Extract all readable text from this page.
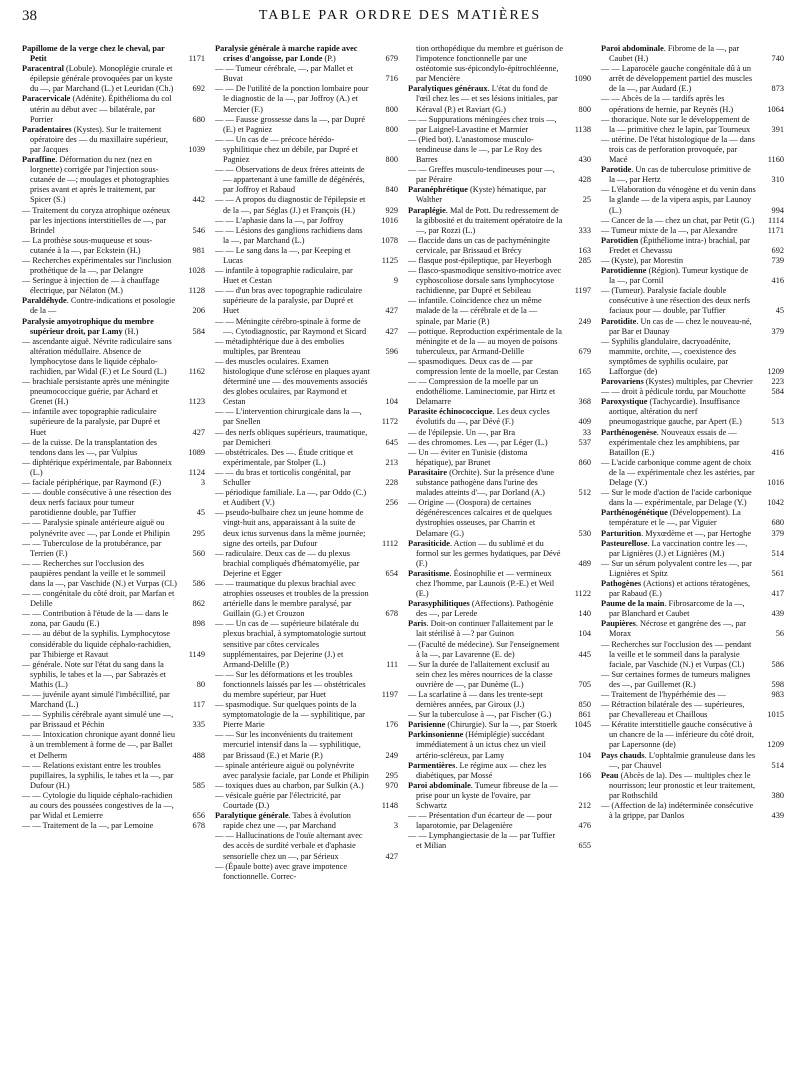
38	TABLE PAR ORDRE DES MATIÈRES
Papillome de la verge chez le cheval, par Petit	1171
Paracentral (Lobule). Monoplégie crurale et épilepsie générale provoquées par un kyste du —, par Marchand (L.) et Leuridan (Ch.)	692
Paracervicale (Adénite). Épithélioma du col utérin au début avec — bilatérale, par Porrier	680
Paradentaires (Kystes). Sur le traitement opératoire des — du maxillaire supérieur, par Jacques	1039
Paraffine. Déformation du nez (nez en lorgnette) corrigée par l'injection sous-cutanée de —; moulages et photographies prises avant et après le traitement, par Spicer (S.)	442
— Traitement du coryza atrophique ozéneux par les injections interstitielles de —, par Brindel	546
— La prothèse sous-muqueuse et sous-cutanée à la —, par Eckstein (H.)	981
— Recherches expérimentales sur l'inclusion prothétique de la —, par Delangre	1028
— Seringue à injection de — à chauffage électrique, par Nélaton (M.)	1128
Paraldéhyde. Contre-indications et posologie de la —	206
Paralysie amyotrophique du membre supérieur droit, par Lamy (H.)	584
— ascendante aiguë. Névrite radiculaire sans altération médullaire. Absence de lymphocytose dans le liquide céphalo-rachidien, par Widal (F.) et Le Sourd (L.)	1162
— brachiale persistante après une méningite pneumococcique guérie, par Achard et Grenet (H.)	1123
— infantile avec topographie radiculaire supérieure de la paralysie, par Dupré et Huet	427
— de la cuisse. De la transplantation des tendons dans les —, par Vulpius	1089
— diphtérique expérimentale, par Babonneix (L.)	1124
— faciale périphérique, par Raymond (F.)	3
— — double consécutive à une résection des deux nerfs faciaux pour tumeur parotidienne double, par Tuffier	45
— — Paralysie spinale antérieure aiguë ou polynévrite avec —, par Londe et Philipin	295
— — Tuberculose de la protubérance, par Terrien (F.)	560
— — Recherches sur l'occlusion des paupières pendant la veille et le sommeil dans la —, par Vaschide (N.) et Vurpas (Cl.)	586
— — congénitale du côté droit, par Marfan et Delille	862
— — Contribution à l'étude de la — dans le zona, par Gaudu (E.)	898
— — au début de la syphilis. Lymphocytose considérable du liquide céphalo-rachidien, par Thibierge et Ravaut	1149
— générale. Note sur l'état du sang dans la syphilis, le tabes et la —, par Sabrazès et Mathis (L.)	80
— — juvénile ayant simulé l'imbécillité, par Marchand (L.)	117
— — Syphilis cérébrale ayant simulé une —, par Brissaud et Péchin	335
— — Intoxication chronique ayant donné lieu à un tremblement à forme de —, par Ballet et Delherm	488
— — Relations existant entre les troubles pupillaires, la syphilis, le tabes et la —, par Dufour (H.)	585
— — Cytologie du liquide céphalo-rachidien au cours des poussées congestives de la —, par Widal et Lemierre	656
— — Traitement de la —, par Lemoine	678
Paralysie générale à marche rapide avec crises d'angoisse, par Londe (P.)	679
— — Tumeur cérébrale, —, par Mallet et Buvat	716
— — De l'utilité de la ponction lombaire pour le diagnostic de la —, par Joffroy (A.) et Mercier (F.)	800
— — Fausse grossesse dans la —, par Dupré (E.) et Pagniez	800
— — Un cas de — précoce hérédo-syphilitique chez un débile, par Dupré et Pagniez	800
— — Observations de deux frères atteints de — appartenant à une famille de dégénérés, par Joffroy et Rabaud	840
— — A propos du diagnostic de l'épilepsie et de la —, par Séglas (J.) et François (H.)	929
— — L'aphasie dans la —, par Joffroy	1016
— — Lésions des ganglions rachidiens dans la —, par Marchand (L.)	1078
— — Le sang dans la —, par Keeping et Lucas	1125
— infantile à topographie radiculaire, par Huet et Cestan	9
— — d'un bras avec topographie radiculaire supérieure de la paralysie, par Dupré et Huet	427
— — Méningite cérébro-spinale à forme de —. Cytodiagnostic, par Raymond et Sicard	427
— métadiphtérique due à des embolies multiples, par Brenteau	596
— des muscles oculaires. Examen histologique d'une sclérose en plaques ayant déterminé une — des mouvements associés des globes oculaires, par Raymond et Cestan	104
— — L'intervention chirurgicale dans la —, par Snellen	1172
— des nerfs obliques supérieurs, traumatique, par Demicheri	645
— obstétricales. Des —. Étude critique et expérimentale, par Stolper (L.)	213
— — du bras et torticolis congénital, par Schuller	228
— périodique familiale. La —, par Oddo (C.) et Audibert (V.)	256
— pseudo-bulbaire chez un jeune homme de vingt-huit ans, apparaissant à la suite de deux ictus survenus dans la même journée; signe des orteils, par Dufour	1112
— radiculaire. Deux cas de — du plexus brachial compliqués d'hématomyélie, par Dejerine et Egger	654
— — traumatique du plexus brachial avec atrophies osseuses et troubles de la pression artérielle dans le membre paralysé, par Guillain (G.) et Crouzon	678
— — Un cas de — supérieure bilatérale du plexus brachial, à symptomatologie surtout sensitive par côtes cervicales supplémentaires, par Dejerine (J.) et Armand-Delille (P.)	111
— — Sur les déformations et les troubles fonctionnels laissés par les — obstétricales du membre supérieur, par Huet	1197
— spasmodique. Sur quelques points de la symptomatologie de la — syphilitique, par Pierre Marie	176
— — Sur les inconvénients du traitement mercuriel intensif dans la — syphilitique, par Brissaud (E.) et Marie (P.)	249
— spinale antérieure aiguë ou polynévrite avec paralysie faciale, par Londe et Philipin	295
— toxiques dues au charbon, par Sulkin (A.)	970
— vésicale guérie par l'électricité, par Courtade (D.)	1148
Paralytique générale. Tabes à évolution rapide chez une —, par Marchand	3
— — Hallucinations de l'ouïe alternant avec des accès de surdité verbale et d'aphasie sensorielle chez un —, par Sérieux	427
— (Épaule botte) avec grave impotence fonctionnelle. Correc-
tion orthopédique du membre et guérison de l'impotence fonctionnelle par une ostéotomie sus-épicondylo-épitrochléenne, par Mencière	1090
Paralytiques généraux. L'état du fond de l'œil chez les — et ses lésions initiales, par Kéraval (P.) et Raviart (G.)	800
— — Suppurations méningées chez trois —, par Laignel-Lavastine et Marmier	1138
— (Pied bot). L'anastomose musculo-tendineuse dans le —, par Le Roy des Barres	430
— — Greffes musculo-tendineuses pour —, par Péraire	428
Paranéphrétique (Kyste) hématique, par Walther	25
Paraplégie. Mal de Pott. Du redressement de la gibbosité et du traitement opératoire de la —, par Rozzi (L.)	333
— flaccide dans un cas de pachyméningite cervicale, par Brissaud et Brécy	163
— flasque post-épileptique, par Heyerbogh	285
— flasco-spasmodique sensitivo-motrice avec cyphoscoliose dorsale sans lymphocytose rachidienne, par Dupré et Sebileau	1197
— infantile. Coïncidence chez un même malade de la — cérébrale et de la — spinale, par Marie (P.)	249
— pottique. Reproduction expérimentale de la méningite et de la — au moyen de poisons tuberculeux, par Armand-Delille	679
— spasmodiques. Deux cas de — par compression lente de la moelle, par Cestan	165
— — Compression de la moelle par un endothéliome. Laminectomie, par Hirtz et Delamarre	368
Parasite échinococcique. Les deux cycles évolutifs du —, par Dévé (F.)	409
— de l'épilepsie. Un —, par Bra	33
— des chromomes. Les —, par Léger (L.)	537
— Un — éviter en Tunisie (distoma hépatique), par Brunet	860
Parasitaire (Orchite). Sur la présence d'une substance pathogène dans l'urine des malades atteints d'—, par Dorland (A.)	512
— Origine — (Oospora) de certaines dégénérescences calcaires et de quelques dystrophies osseuses, par Charrin et Delamare (G.)	530
Parasiticide. Action — du sublimé et du formol sur les germes hydatiques, par Dévé (F.)	489
Parasitisme. Éosinophilie et — vermineux chez l'homme, par Launois (P.-E.) et Weil (E.)	1122
Parasyphilitiques (Affections). Pathogénie des —, par Lerede	140
Paris. Doit-on continuer l'allaitement par le lait stérilisé à —? par Guinon	104
— (Faculté de médecine). Sur l'enseignement à la —, par Lavarenne (E. de)	445
— Sur la durée de l'allaitement exclusif au sein chez les mères nourrices de la classe ouvrière de —, par Dunème (L.)	705
— La scarlatine à — dans les trente-sept dernières années, par Giroux (J.)	850
— Sur la tuberculose à —, par Fischer (G.)	861
Parisienne (Chirurgie). Sur la —, par Stoerk	1045
Parkinsonienne (Hémiplégie) succédant immédiatement à un ictus chez un vieil artério-scléreux, par Lamy	104
Parmentières. Le régime aux — chez les diabétiques, par Mossé	166
Paroi abdominale. Tumeur fibreuse de la — prise pour un kyste de l'ovaire, par Schwartz	212
— — Présentation d'un écarteur de — pour laparotomie, par Delagenière	476
— — Lymphangiectasie de la — par Tuffier et Milian	655
Paroi abdominale. Fibrome de la —, par Caubet (H.)	740
— — Laparocèle gauche congénitale dû à un arrêt de développement partiel des muscles de la —, par Audard (E.)	873
— — Abcès de la — tardifs après les opérations de hernie, par Reynès (H.)	1064
— thoracique. Note sur le développement de la — primitive chez le lapin, par Tourneux	391
— utérine. De l'état histologique de la — dans trois cas de perforation provoquée, par Macé	1160
Parotide. Un cas de tuberculose primitive de la —, par Hertz	310
— L'élaboration du vénogène et du venin dans la glande — de la vipera aspis, par Launoy (L.)	994
— Cancer de la — chez un chat, par Petit (G.)	1114
— Tumeur mixte de la —, par Alexandre	1171
Parotidien (Épithéliome intra-) brachial, par Fredet et Chevassu	692
— (Kyste), par Morestin	739
Parotidienne (Région). Tumeur kystique de la —, par Cornil	416
— (Tumeur). Paralysie faciale double consécutive à une résection des deux nerfs faciaux pour — double, par Tuffier	45
Parotidite. Un cas de — chez le nouveau-né, par Bar et Daunay	379
— Syphilis glandulaire, dacryoadénite, mammite, orchite, —, coexistence des symptômes de syphilis oculaire, par Lafforgue (de)	1209
Parovariens (Kystes) multiples, par Chevrier	223
— — droit à pédicule tordu, par Mouchotte	584
Paroxystique (Tachycardie). Insuffisance aortique, altération du nerf pneumogastrique gauche, par Apert (E.)	513
Parthénogenèse. Nouveaux essais de — expérimentale chez les amphibiens, par Bataillon (E.)	416
— L'acide carbonique comme agent de choix de la — expérimentale chez les astéries, par Delage (Y.)	1016
— Sur le mode d'action de l'acide carbonique dans la — expérimentale, par Delage (Y.)	1042
Parthénogénétique (Développement). La température et le —, par Viguier	680
Parturition. Myxœdème et —, par Hertoghe	379
Pasteurellose. La vaccination contre les —, par Lignières (J.) et Lignières (M.)	514
— Sur un sérum polyvalent contre les —, par Lignières et Spitz	561
Pathogènes (Actions) et actions tératogènes, par Rabaud (E.)	417
Paume de la main. Fibrosarcome de la —, par Blanchard et Caubet	439
Paupières. Nécrose et gangrène des —, par Morax	56
— Recherches sur l'occlusion des — pendant la veille et le sommeil dans la paralysie faciale, par Vaschide (N.) et Vurpas (Cl.)	586
— Sur certaines formes de tumeurs malignes des —, par Guillemet (R.)	598
— Traitement de l'hypérhémie des —	983
— Rétraction bilatérale des — supérieures, par Chevallereau et Chaillous	1015
— Kératite interstitielle gauche consécutive à un chancre de la — inférieure du côté droit, par Lapersonne (de)	1209
Pays chauds. L'ophtalmie granuleuse dans les —, par Chauvel	514
Peau (Abcès de la). Des — multiples chez le nourrisson; leur pronostic et leur traitement, par Rothschild	380
— (Affection de la) indéterminée consécutive à la grippe, par Danlos	439
